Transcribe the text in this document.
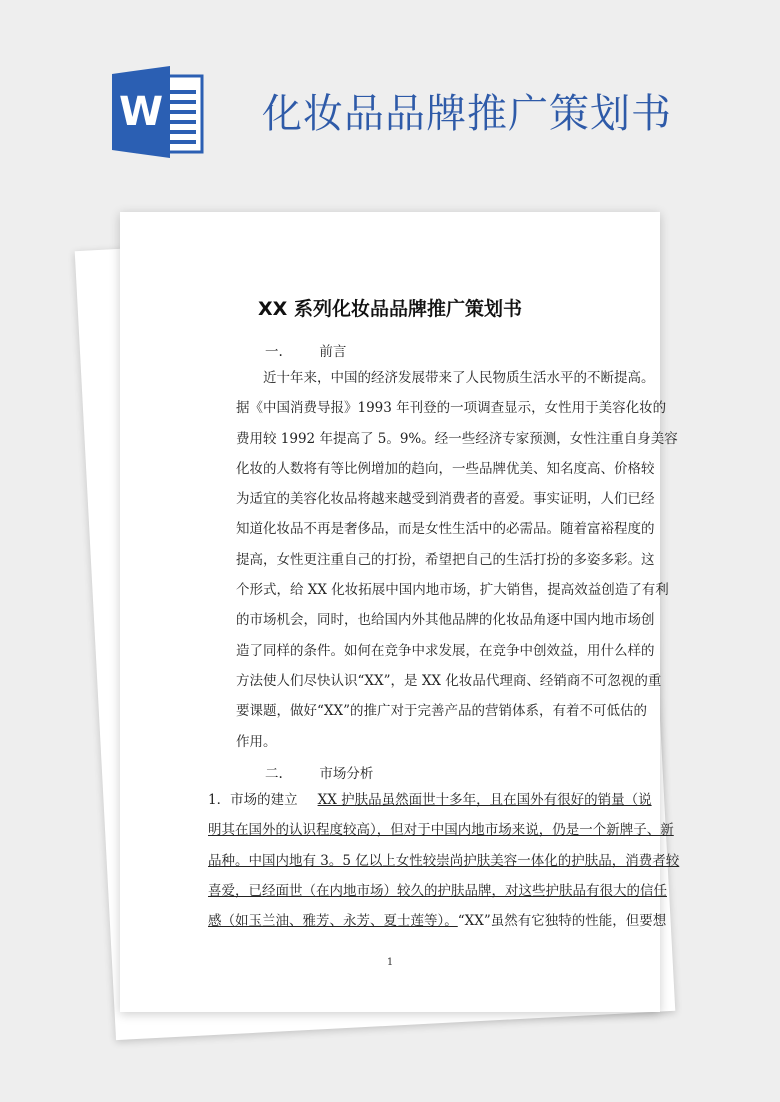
W 化妆品品牌推广策划书
XX 系列化妆品品牌推广策划书
一.	前言
近十年来，中国的经济发展带来了人民物质生活水平的不断提高。
据《中国消费导报》1993 年刊登的一项调查显示，女性用于美容化妆的
费用较 1992 年提高了 5。9%。经一些经济专家预测，女性注重自身美容
化妆的人数将有等比例增加的趋向，一些品牌优美、知名度高、价格较
为适宜的美容化妆品将越来越受到消费者的喜爱。事实证明，人们已经
知道化妆品不再是奢侈品，而是女性生活中的必需品。随着富裕程度的
提高，女性更注重自己的打扮，希望把自己的生活打扮的多姿多彩。这
个形式，给 XX 化妆拓展中国内地市场，扩大销售，提高效益创造了有利
的市场机会，同时，也给国内外其他品牌的化妆品角逐中国内地市场创
造了同样的条件。如何在竞争中求发展，在竞争中创效益，用什么样的
方法使人们尽快认识“XX”，是 XX 化妆品代理商、经销商不可忽视的重
要课题，做好“XX”的推广对于完善产品的营销体系，有着不可低估的
作用。
二.	市场分析
1．市场的建立 XX 护肤品虽然面世十多年，且在国外有很好的销量（说
明其在国外的认识程度较高），但对于中国内地市场来说，仍是一个新牌子、新
品种。中国内地有 3。5 亿以上女性较崇尚护肤美容一体化的护肤品，消费者较
喜爱，已经面世（在内地市场）较久的护肤品牌，对这些护肤品有很大的信任
感（如玉兰油、雅芳、永芳、夏士莲等）。“XX”虽然有它独特的性能，但要想
1
